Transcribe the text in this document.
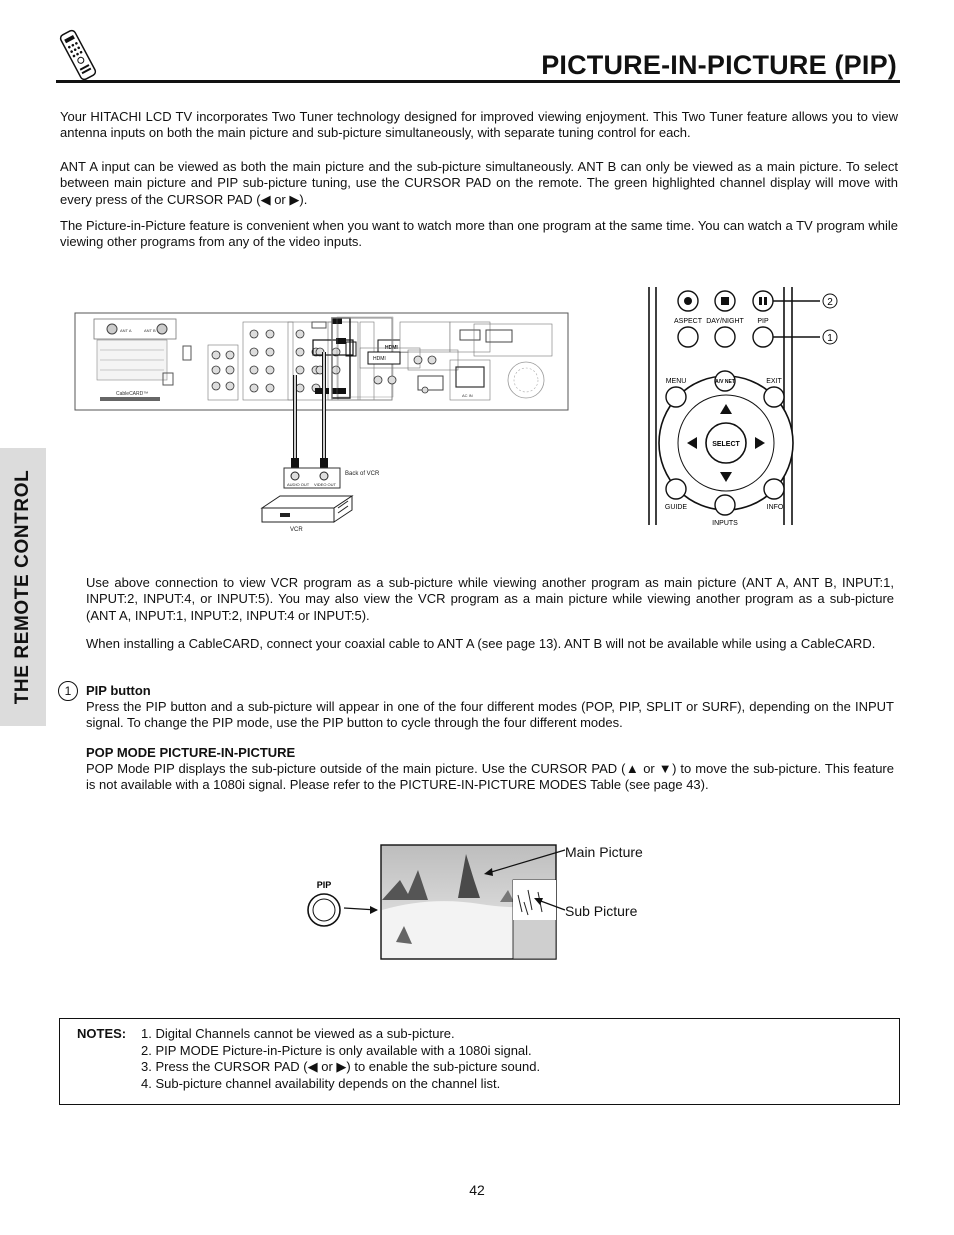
PICTURE-IN-PICTURE (PIP)
THE REMOTE CONTROL
Your HITACHI LCD TV incorporates Two Tuner technology designed for improved viewing enjoyment. This Two Tuner feature allows you to view antenna inputs on both the main picture and sub-picture simultaneously, with separate tuning control for each.
ANT A input can be viewed as both the main picture and the sub-picture simultaneously. ANT B can only be viewed as a main picture. To select between main picture and PIP sub-picture tuning, use the CURSOR PAD on the remote. The green highlighted channel display will move with every press of the CURSOR PAD (◀ or ▶).
The Picture-in-Picture feature is convenient when you want to watch more than one program at the same time. You can watch a TV program while viewing other programs from any of the video inputs.
ANT A	ANT B
CableCARD™
HDMI
HDMI
AC IN
AUDIO OUT VIDEO OUT
Back of VCR
VCR
2
1
ASPECT DAY/NIGHT PIP
MENU	EXIT
SELECT
A/V NET
GUIDE
INPUTS
INFO
Use above connection to view VCR program as a sub-picture while viewing another program as main picture (ANT A, ANT B, INPUT:1, INPUT:2, INPUT:4, or INPUT:5). You may also view the VCR program as a main picture while viewing another program as a sub-picture (ANT A, INPUT:1, INPUT:2, INPUT:4 or INPUT:5).
When installing a CableCARD, connect your coaxial cable to ANT A (see page 13). ANT B will not be available while using a CableCARD.
1	PIP button
Press the PIP button and a sub-picture will appear in one of the four different modes (POP, PIP, SPLIT or SURF), depending on the INPUT signal. To change the PIP mode, use the PIP button to cycle through the four different modes.
POP MODE PICTURE-IN-PICTURE
POP Mode PIP displays the sub-picture outside of the main picture. Use the CURSOR PAD (▲ or ▼) to move the sub-picture. This feature is not available with a 1080i signal. Please refer to the PICTURE-IN-PICTURE MODES Table (see page 43).
PIP
Main Picture
Sub Picture
NOTES: 1. Digital Channels cannot be viewed as a sub-picture.
2. PIP MODE Picture-in-Picture is only available with a 1080i signal.
3. Press the CURSOR PAD (◀ or ▶) to enable the sub-picture sound.
4. Sub-picture channel availability depends on the channel list.
42
